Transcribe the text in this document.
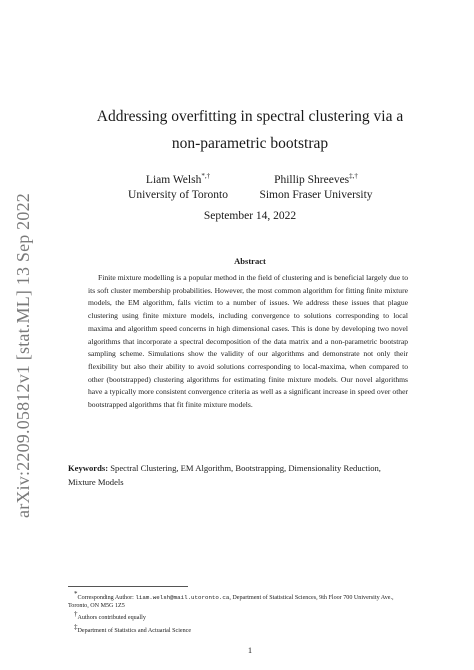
arXiv:2209.05812v1 [stat.ML] 13 Sep 2022
Addressing overfitting in spectral clustering via a
non-parametric bootstrap
Liam Welsh*,†
University of Toronto
Phillip Shreeves‡,†
Simon Fraser University
September 14, 2022
Abstract
Finite mixture modelling is a popular method in the field of clustering and is beneficial largely due to its soft cluster membership probabilities. However, the most common algorithm for fitting finite mixture models, the EM algorithm, falls victim to a number of issues. We address these issues that plague clustering using finite mixture models, including convergence to solutions corresponding to local maxima and algorithm speed concerns in high dimensional cases. This is done by developing two novel algorithms that incorporate a spectral decomposition of the data matrix and a non-parametric bootstrap sampling scheme. Simulations show the validity of our algorithms and demonstrate not only their flexibility but also their ability to avoid solutions corresponding to local-maxima, when compared to other (bootstrapped) clustering algorithms for estimating finite mixture models. Our novel algorithms have a typically more consistent convergence criteria as well as a significant increase in speed over other bootstrapped algorithms that fit finite mixture models.
Keywords: Spectral Clustering, EM Algorithm, Bootstrapping, Dimensionality Reduction, Mixture Models
*Corresponding Author: liam.welsh@mail.utoronto.ca, Department of Statistical Sciences, 9th Floor 700 University Ave., Toronto, ON M5G 1Z5
†Authors contributed equally
‡Department of Statistics and Actuarial Science
1
